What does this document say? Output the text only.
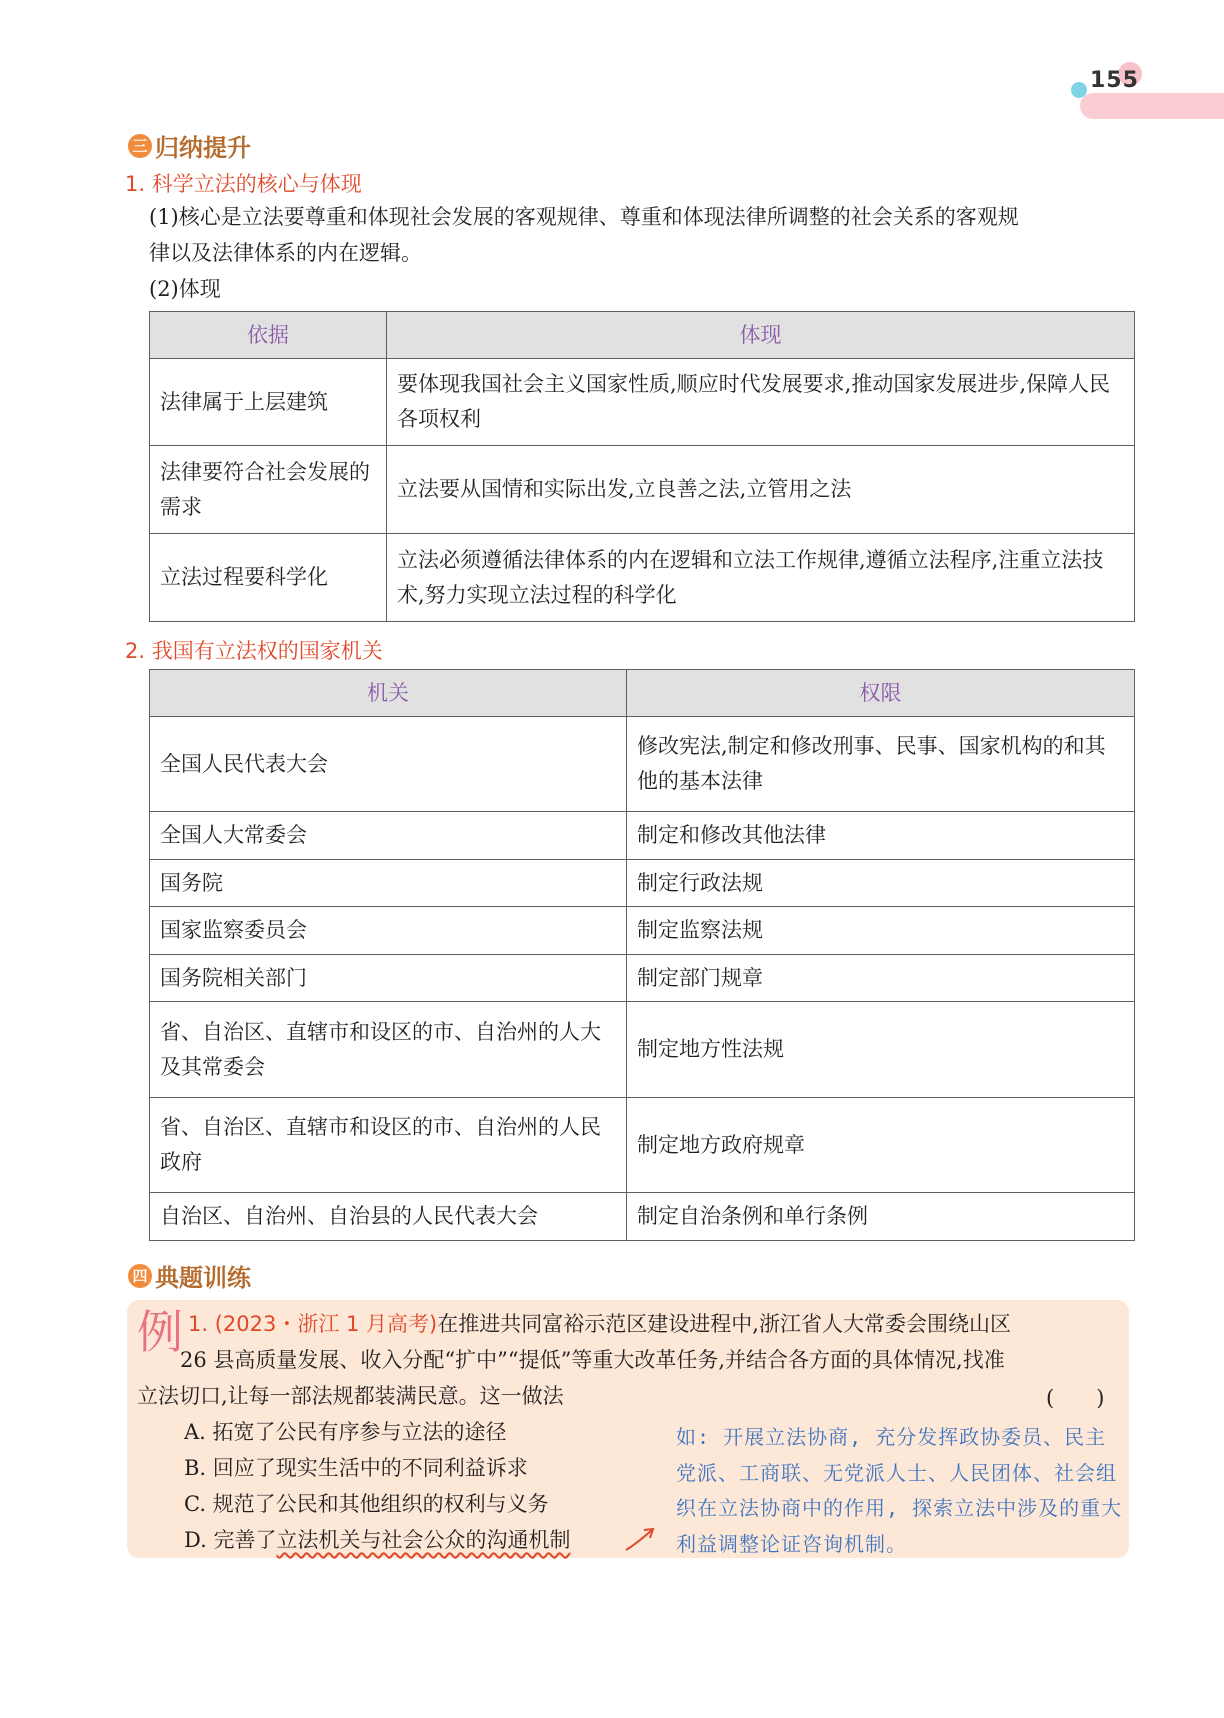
155
三 归纳提升
1. 科学立法的核心与体现
(1)核心是立法要尊重和体现社会发展的客观规律、尊重和体现法律所调整的社会关系的客观规
律以及法律体系的内在逻辑。
(2)体现
依据	体现
法律属于上层建筑	要体现我国社会主义国家性质,顺应时代发展要求,推动国家发展进步,保障人民各项权利
法律要符合社会发展的需求	立法要从国情和实际出发,立良善之法,立管用之法
立法过程要科学化	立法必须遵循法律体系的内在逻辑和立法工作规律,遵循立法程序,注重立法技术,努力实现立法过程的科学化
2. 我国有立法权的国家机关
机关	权限
全国人民代表大会	修改宪法,制定和修改刑事、民事、国家机构的和其他的基本法律
全国人大常委会	制定和修改其他法律
国务院	制定行政法规
国家监察委员会	制定监察法规
国务院相关部门	制定部门规章
省、自治区、直辖市和设区的市、自治州的人大及其常委会	制定地方性法规
省、自治区、直辖市和设区的市、自治州的人民政府	制定地方政府规章
自治区、自治州、自治县的人民代表大会	制定自治条例和单行条例
四 典题训练
例 1. (2023・浙江 1 月高考)在推进共同富裕示范区建设进程中,浙江省人大常委会围绕山区
26 县高质量发展、收入分配“扩中”“提低”等重大改革任务,并结合各方面的具体情况,找准
立法切口,让每一部法规都装满民意。这一做法	(　　)
A. 拓宽了公民有序参与立法的途径
B. 回应了现实生活中的不同利益诉求
C. 规范了公民和其他组织的权利与义务
D. 完善了立法机关与社会公众的沟通机制
如: 开展立法协商, 充分发挥政协委员、民主党派、工商联、无党派人士、人民团体、社会组织在立法协商中的作用, 探索立法中涉及的重大利益调整论证咨询机制。
